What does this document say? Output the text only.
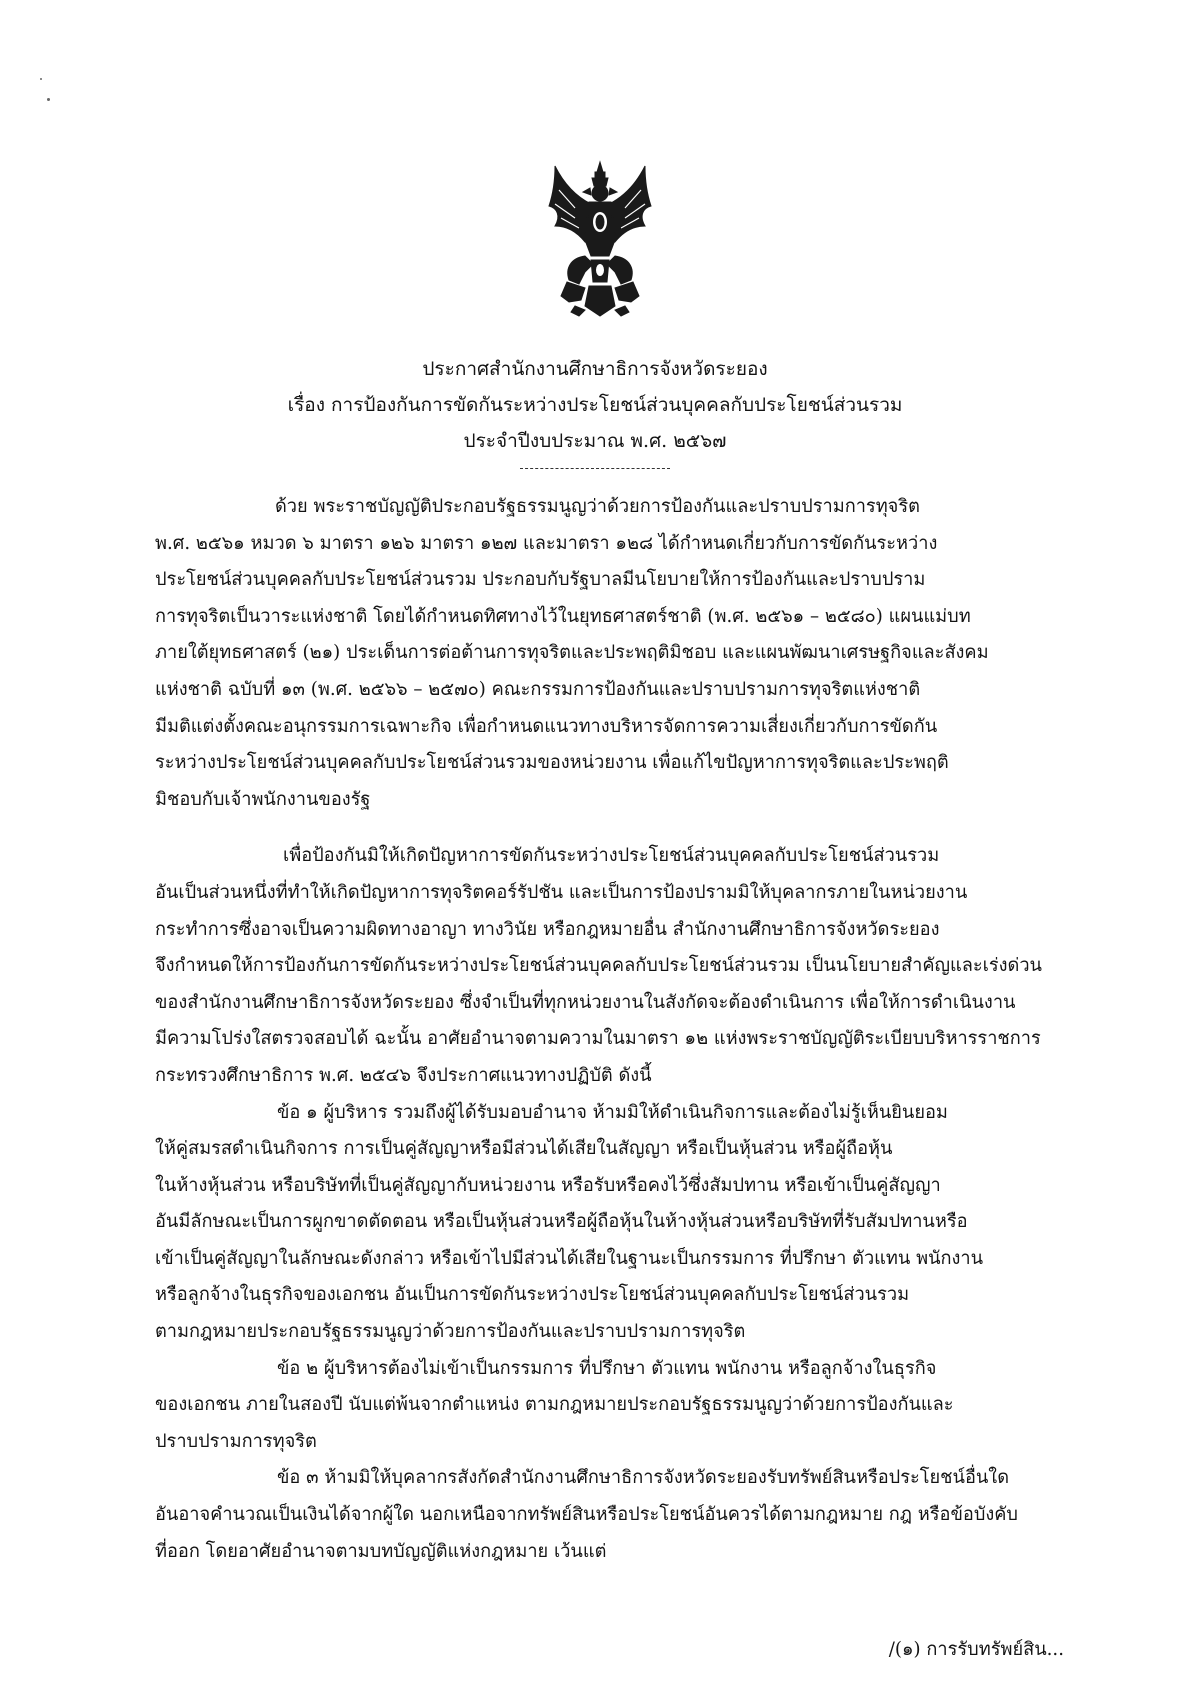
ประกาศสำนักงานศึกษาธิการจังหวัดระยอง
เรื่อง การป้องกันการขัดกันระหว่างประโยชน์ส่วนบุคคลกับประโยชน์ส่วนรวม
ประจำปีงบประมาณ พ.ศ. ๒๕๖๗
ด้วย พระราชบัญญัติประกอบรัฐธรรมนูญว่าด้วยการป้องกันและปราบปรามการทุจริต
พ.ศ. ๒๕๖๑ หมวด ๖ มาตรา ๑๒๖ มาตรา ๑๒๗ และมาตรา ๑๒๘ ได้กำหนดเกี่ยวกับการขัดกันระหว่าง
ประโยชน์ส่วนบุคคลกับประโยชน์ส่วนรวม ประกอบกับรัฐบาลมีนโยบายให้การป้องกันและปราบปราม
การทุจริตเป็นวาระแห่งชาติ โดยได้กำหนดทิศทางไว้ในยุทธศาสตร์ชาติ (พ.ศ. ๒๕๖๑ – ๒๕๘๐) แผนแม่บท
ภายใต้ยุทธศาสตร์ (๒๑) ประเด็นการต่อต้านการทุจริตและประพฤติมิชอบ และแผนพัฒนาเศรษฐกิจและสังคม
แห่งชาติ ฉบับที่ ๑๓ (พ.ศ. ๒๕๖๖ – ๒๕๗๐) คณะกรรมการป้องกันและปราบปรามการทุจริตแห่งชาติ
มีมติแต่งตั้งคณะอนุกรรมการเฉพาะกิจ เพื่อกำหนดแนวทางบริหารจัดการความเสี่ยงเกี่ยวกับการขัดกัน
ระหว่างประโยชน์ส่วนบุคคลกับประโยชน์ส่วนรวมของหน่วยงาน เพื่อแก้ไขปัญหาการทุจริตและประพฤติ
มิชอบกับเจ้าพนักงานของรัฐ
เพื่อป้องกันมิให้เกิดปัญหาการขัดกันระหว่างประโยชน์ส่วนบุคคลกับประโยชน์ส่วนรวม
อันเป็นส่วนหนึ่งที่ทำให้เกิดปัญหาการทุจริตคอร์รัปชัน และเป็นการป้องปรามมิให้บุคลากรภายในหน่วยงาน
กระทำการซึ่งอาจเป็นความผิดทางอาญา ทางวินัย หรือกฎหมายอื่น สำนักงานศึกษาธิการจังหวัดระยอง
จึงกำหนดให้การป้องกันการขัดกันระหว่างประโยชน์ส่วนบุคคลกับประโยชน์ส่วนรวม เป็นนโยบายสำคัญและเร่งด่วน
ของสำนักงานศึกษาธิการจังหวัดระยอง ซึ่งจำเป็นที่ทุกหน่วยงานในสังกัดจะต้องดำเนินการ เพื่อให้การดำเนินงาน
มีความโปร่งใสตรวจสอบได้ ฉะนั้น อาศัยอำนาจตามความในมาตรา ๑๒ แห่งพระราชบัญญัติระเบียบบริหารราชการ
กระทรวงศึกษาธิการ พ.ศ. ๒๕๔๖ จึงประกาศแนวทางปฏิบัติ ดังนี้
ข้อ ๑ ผู้บริหาร รวมถึงผู้ได้รับมอบอำนาจ ห้ามมิให้ดำเนินกิจการและต้องไม่รู้เห็นยินยอม
ให้คู่สมรสดำเนินกิจการ การเป็นคู่สัญญาหรือมีส่วนได้เสียในสัญญา หรือเป็นหุ้นส่วน หรือผู้ถือหุ้น
ในห้างหุ้นส่วน หรือบริษัทที่เป็นคู่สัญญากับหน่วยงาน หรือรับหรือคงไว้ซึ่งสัมปทาน หรือเข้าเป็นคู่สัญญา
อันมีลักษณะเป็นการผูกขาดตัดตอน หรือเป็นหุ้นส่วนหรือผู้ถือหุ้นในห้างหุ้นส่วนหรือบริษัทที่รับสัมปทานหรือ
เข้าเป็นคู่สัญญาในลักษณะดังกล่าว หรือเข้าไปมีส่วนได้เสียในฐานะเป็นกรรมการ ที่ปรึกษา ตัวแทน พนักงาน
หรือลูกจ้างในธุรกิจของเอกชน อันเป็นการขัดกันระหว่างประโยชน์ส่วนบุคคลกับประโยชน์ส่วนรวม
ตามกฎหมายประกอบรัฐธรรมนูญว่าด้วยการป้องกันและปราบปรามการทุจริต
ข้อ ๒ ผู้บริหารต้องไม่เข้าเป็นกรรมการ ที่ปรึกษา ตัวแทน พนักงาน หรือลูกจ้างในธุรกิจ
ของเอกชน ภายในสองปี นับแต่พ้นจากตำแหน่ง ตามกฎหมายประกอบรัฐธรรมนูญว่าด้วยการป้องกันและ
ปราบปรามการทุจริต
ข้อ ๓ ห้ามมิให้บุคลากรสังกัดสำนักงานศึกษาธิการจังหวัดระยองรับทรัพย์สินหรือประโยชน์อื่นใด
อันอาจคำนวณเป็นเงินได้จากผู้ใด นอกเหนือจากทรัพย์สินหรือประโยชน์อันควรได้ตามกฎหมาย กฎ หรือข้อบังคับ
ที่ออก โดยอาศัยอำนาจตามบทบัญญัติแห่งกฎหมาย เว้นแต่
/(๑) การรับทรัพย์สิน...
